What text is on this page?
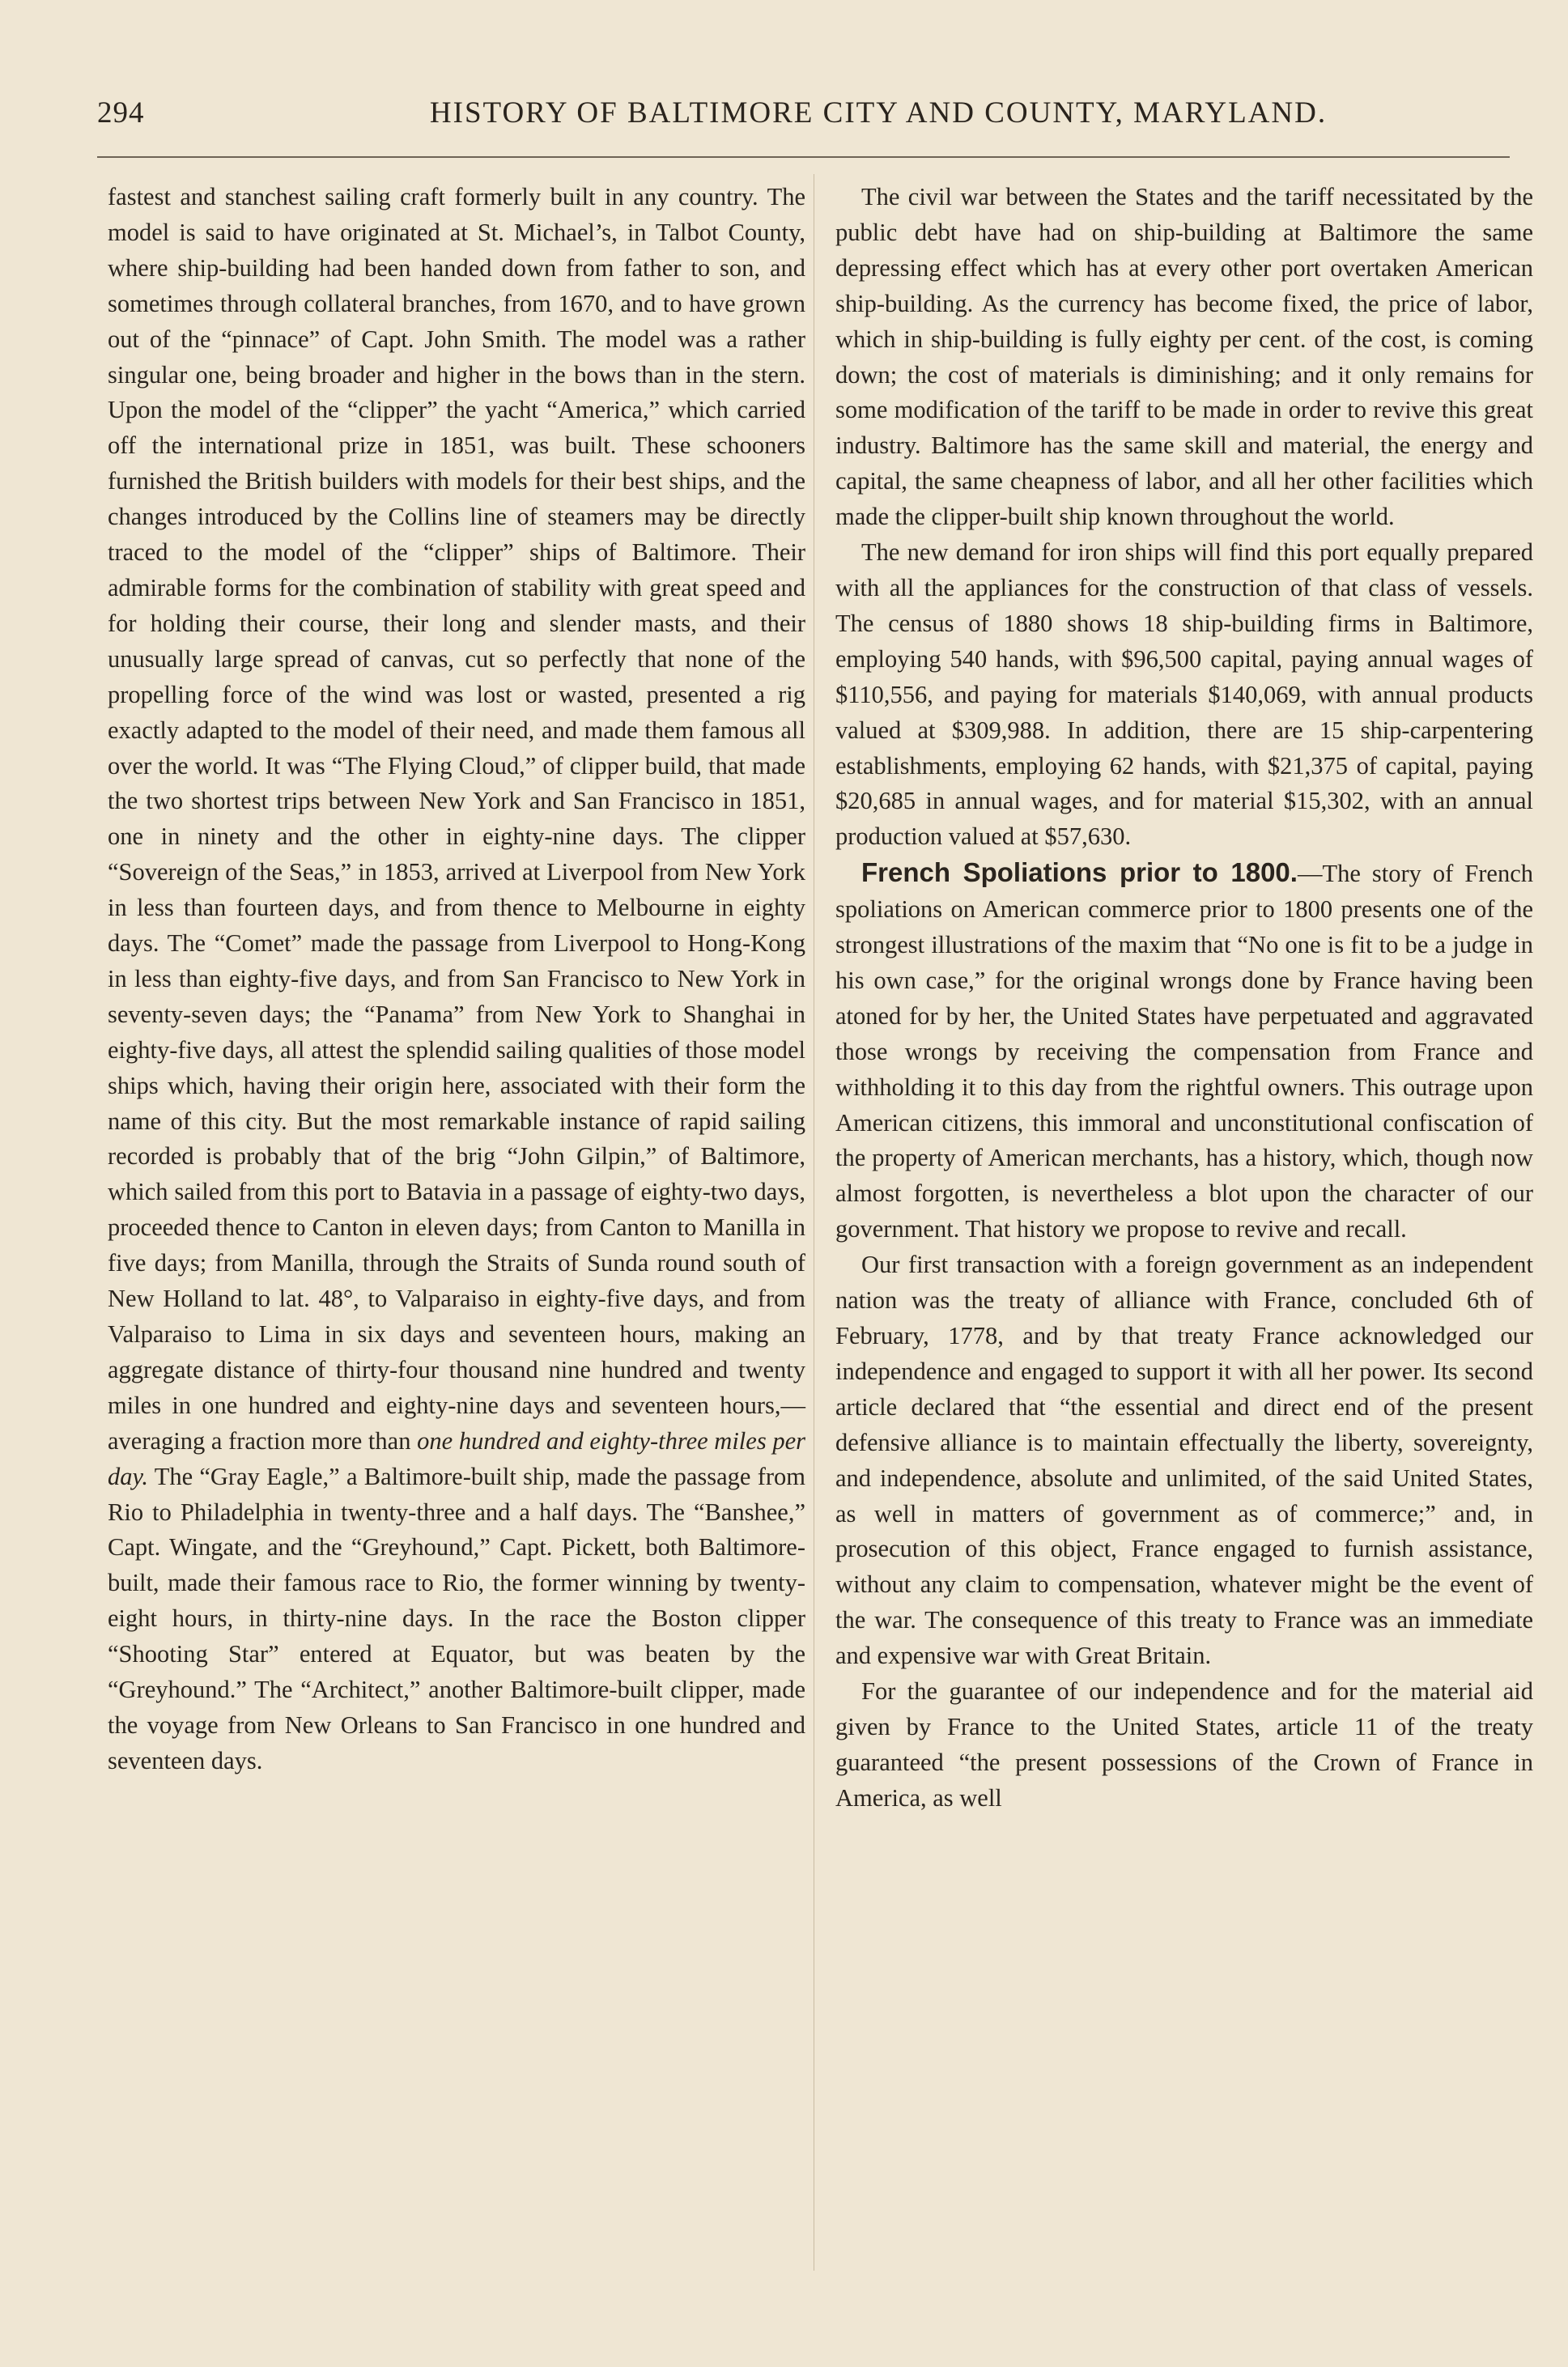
294	HISTORY OF BALTIMORE CITY AND COUNTY, MARYLAND.

fastest and stanchest sailing craft formerly built in any country. The model is said to have originated at St. Michael’s, in Talbot County, where ship-building had been handed down from father to son, and sometimes through collateral branches, from 1670, and to have grown out of the “pinnace” of Capt. John Smith. The model was a rather singular one, being broader and higher in the bows than in the stern. Upon the model of the “clipper” the yacht “America,” which carried off the international prize in 1851, was built. These schooners furnished the British builders with models for their best ships, and the changes introduced by the Collins line of steamers may be directly traced to the model of the “clipper” ships of Baltimore. Their admirable forms for the combination of stability with great speed and for holding their course, their long and slender masts, and their unusually large spread of canvas, cut so perfectly that none of the propelling force of the wind was lost or wasted, presented a rig exactly adapted to the model of their need, and made them famous all over the world. It was “The Flying Cloud,” of clipper build, that made the two shortest trips between New York and San Francisco in 1851, one in ninety and the other in eighty-nine days. The clipper “Sovereign of the Seas,” in 1853, arrived at Liverpool from New York in less than fourteen days, and from thence to Melbourne in eighty days. The “Comet” made the passage from Liverpool to Hong-Kong in less than eighty-five days, and from San Francisco to New York in seventy-seven days; the “Panama” from New York to Shanghai in eighty-five days, all attest the splendid sailing qualities of those model ships which, having their origin here, associated with their form the name of this city. But the most remarkable instance of rapid sailing recorded is probably that of the brig “John Gilpin,” of Baltimore, which sailed from this port to Batavia in a passage of eighty-two days, proceeded thence to Canton in eleven days; from Canton to Manilla in five days; from Manilla, through the Straits of Sunda round south of New Holland to lat. 48°, to Valparaiso in eighty-five days, and from Valparaiso to Lima in six days and seventeen hours, making an aggregate distance of thirty-four thousand nine hundred and twenty miles in one hundred and eighty-nine days and seventeen hours,—averaging a fraction more than one hundred and eighty-three miles per day. The “Gray Eagle,” a Baltimore-built ship, made the passage from Rio to Philadelphia in twenty-three and a half days. The “Banshee,” Capt. Wingate, and the “Greyhound,” Capt. Pickett, both Baltimore-built, made their famous race to Rio, the former winning by twenty-eight hours, in thirty-nine days. In the race the Boston clipper “Shooting Star” entered at Equator, but was beaten by the “Greyhound.” The “Architect,” another Baltimore-built clipper, made the voyage from New Orleans to San Francisco in one hundred and seventeen days.

The civil war between the States and the tariff necessitated by the public debt have had on ship-building at Baltimore the same depressing effect which has at every other port overtaken American ship-building. As the currency has become fixed, the price of labor, which in ship-building is fully eighty per cent. of the cost, is coming down; the cost of materials is diminishing; and it only remains for some modification of the tariff to be made in order to revive this great industry. Baltimore has the same skill and material, the energy and capital, the same cheapness of labor, and all her other facilities which made the clipper-built ship known throughout the world.

The new demand for iron ships will find this port equally prepared with all the appliances for the construction of that class of vessels. The census of 1880 shows 18 ship-building firms in Baltimore, employing 540 hands, with $96,500 capital, paying annual wages of $110,556, and paying for materials $140,069, with annual products valued at $309,988. In addition, there are 15 ship-carpentering establishments, employing 62 hands, with $21,375 of capital, paying $20,685 in annual wages, and for material $15,302, with an annual production valued at $57,630.

French Spoliations prior to 1800.—The story of French spoliations on American commerce prior to 1800 presents one of the strongest illustrations of the maxim that “No one is fit to be a judge in his own case,” for the original wrongs done by France having been atoned for by her, the United States have perpetuated and aggravated those wrongs by receiving the compensation from France and withholding it to this day from the rightful owners. This outrage upon American citizens, this immoral and unconstitutional confiscation of the property of American merchants, has a history, which, though now almost forgotten, is nevertheless a blot upon the character of our government. That history we propose to revive and recall.

Our first transaction with a foreign government as an independent nation was the treaty of alliance with France, concluded 6th of February, 1778, and by that treaty France acknowledged our independence and engaged to support it with all her power. Its second article declared that “the essential and direct end of the present defensive alliance is to maintain effectually the liberty, sovereignty, and independence, absolute and unlimited, of the said United States, as well in matters of government as of commerce;” and, in prosecution of this object, France engaged to furnish assistance, without any claim to compensation, whatever might be the event of the war. The consequence of this treaty to France was an immediate and expensive war with Great Britain.

For the guarantee of our independence and for the material aid given by France to the United States, article 11 of the treaty guaranteed “the present possessions of the Crown of France in America, as well
